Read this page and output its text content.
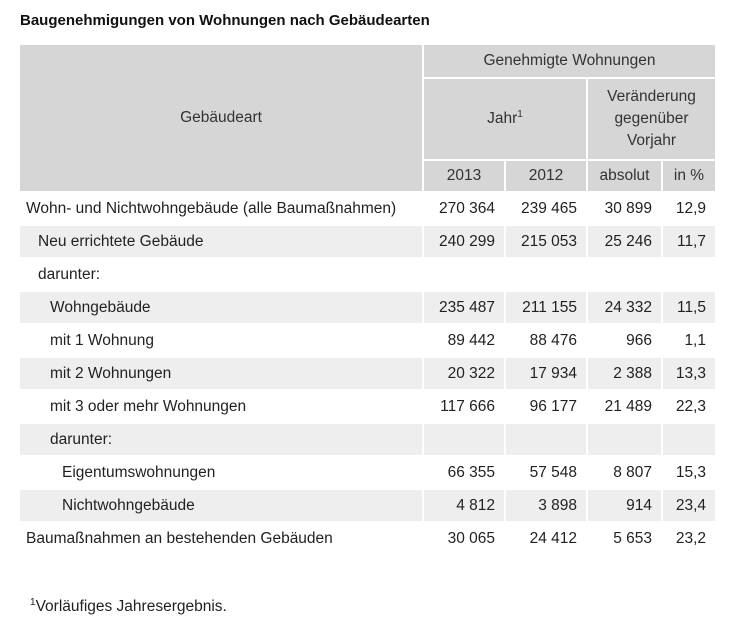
Baugenehmigungen von Wohnungen nach Gebäudearten
Gebäudeart	Genehmigte Wohnungen			
	Jahr$^1$		Veränderung
gegenüber
Vorjahr	
	2013	2012	absolut	in %
Wohn- und Nichtwohngebäude (alle Baumaßnahmen)	270 364	239 465	30 899	12,9
Neu errichtete Gebäude	240 299	215 053	25 246	11,7
darunter:				
Wohngebäude	235 487	211 155	24 332	11,5
mit 1 Wohnung	89 442	88 476	966	1,1
mit 2 Wohnungen	20 322	17 934	2 388	13,3
mit 3 oder mehr Wohnungen	117 666	96 177	21 489	22,3
darunter:				
Eigentumswohnungen	66 355	57 548	8 807	15,3
Nichtwohngebäude	4 812	3 898	914	23,4
Baumaßnahmen an bestehenden Gebäuden	30 065	24 412	5 653	23,2
$^1$Vorläufiges Jahresergebnis.
